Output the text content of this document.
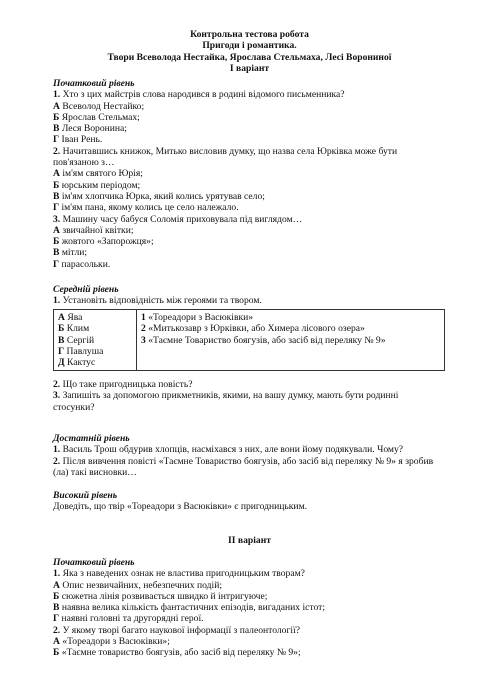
Контрольна тестова робота
Пригоди і романтика.
Твори Всеволода Нестайка, Ярослава Стельмаха, Лесі Ворониної
І варіант
Початковий рівень
1. Хто з цих майстрів слова народився в родині відомого письменника?
А Всеволод Нестайко;
Б Ярослав Стельмах;
В Леся Воронина;
Г Іван Рень.
2. Начитавшись книжок, Митько висловив думку, що назва села Юрківка може бути
пов'язаною з…
А ім'ям святого Юрія;
Б юрським періодом;
В ім'ям хлопчика Юрка, який колись урятував село;
Г ім'ям пана, якому колись це село належало.
3. Машину часу бабуся Соломія приховувала під виглядом…
А звичайної квітки;
Б жовтого «Запорожця»;
В мітли;
Г парасольки.
Середній рівень
1. Установіть відповідність між героями та твором.
А Ява
Б Клим
В Сергій
Г Павлуша
Д Кактус

1 «Тореадори з Васюківки»
2 «Митькозавр з Юрківки, або Химера лісового озера»
3 «Таємне Товариство боягузів, або засіб від переляку № 9»
2. Що таке пригодницька повість?
3. Запишіть за допомогою прикметників, якими, на вашу думку, мають бути родинні
стосунки?
Достатній рівень
1. Василь Трош обдурив хлопців, насміхався з них, але вони йому подякували. Чому?
2. Після вивчення повісті «Таємне Товариство боягузів, або засіб від переляку № 9» я зробив
(ла) такі висновки…
Високий рівень
Доведіть, що твір «Тореадори з Васюківки» є пригодницьким.
ІІ варіант
Початковий рівень
1. Яка з наведених ознак не властива пригодницьким творам?
А Опис незвичайних, небезпечних подій;
Б сюжетна лінія розвивається швидко й інтригуюче;
В наявна велика кількість фантастичних епізодів, вигаданих істот;
Г наявні головні та другорядні герої.
2. У якому творі багато наукової інформації з палеонтології?
А «Тореадори з Васюківки»;
Б «Таємне товариство боягузів, або засіб від переляку № 9»;
